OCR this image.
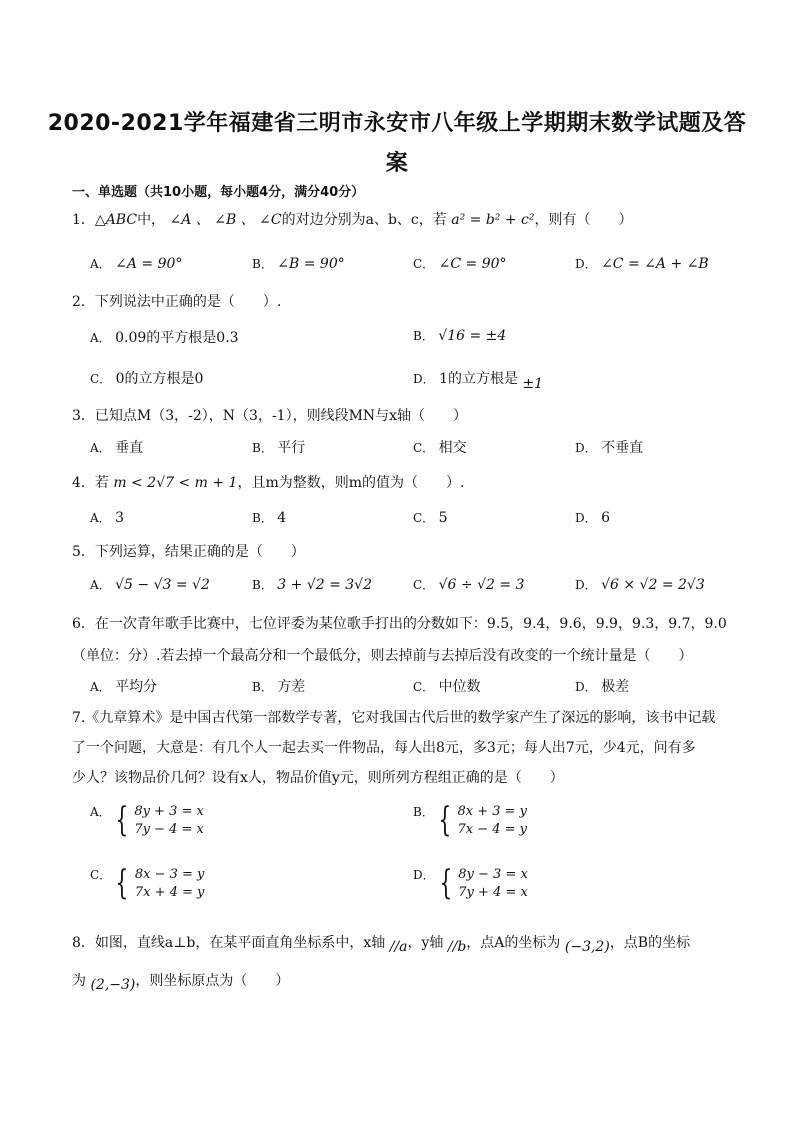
2020-2021学年福建省三明市永安市八年级上学期期末数学试题及答
案
一、单选题（共10小题，每小题4分，满分40分）
1．△ABC中， ∠A 、 ∠B 、 ∠C的对边分别为a、b、c，若 a² = b² + c²，则有（　　）
A． ∠A = 90°	B． ∠B = 90°	C． ∠C = 90°	D． ∠C = ∠A + ∠B
2．下列说法中正确的是（　　）.
A． 0.09的平方根是0.3	B． √16 = ±4
C． 0的立方根是0	D． 1的立方根是 ±1
3．已知点M（3，-2），N（3，-1），则线段MN与x轴（　　）
A． 垂直	B． 平行	C． 相交	D． 不垂直
4．若 m < 2√7 < m + 1，且m为整数，则m的值为（　　）.
A． 3	B． 4	C． 5	D． 6
5．下列运算，结果正确的是（　　）
A． √5 − √3 = √2	B． 3 + √2 = 3√2	C． √6 ÷ √2 = 3	D． √6 × √2 = 2√3
6．在一次青年歌手比赛中，七位评委为某位歌手打出的分数如下：9.5，9.4，9.6，9.9，9.3，9.7，9.0
（单位：分）.若去掉一个最高分和一个最低分，则去掉前与去掉后没有改变的一个统计量是（　　）
A． 平均分	B． 方差	C． 中位数	D． 极差
7.《九章算术》是中国古代第一部数学专著，它对我国古代后世的数学家产生了深远的影响，该书中记载
了一个问题，大意是：有几个人一起去买一件物品，每人出8元，多3元；每人出7元，少4元，问有多
少人？该物品价几何？设有x人，物品价值y元，则所列方程组正确的是（　　）
A． { 8y + 3 = x
7y − 4 = x
B． { 8x + 3 = y
7x − 4 = y
C． { 8x − 3 = y
7x + 4 = y
D． { 8y − 3 = x
7y + 4 = x
8．如图，直线a⊥b，在某平面直角坐标系中，x轴 //a，y轴 //b，点A的坐标为 (−3,2)，点B的坐标
为 (2,−3)，则坐标原点为（　　）
